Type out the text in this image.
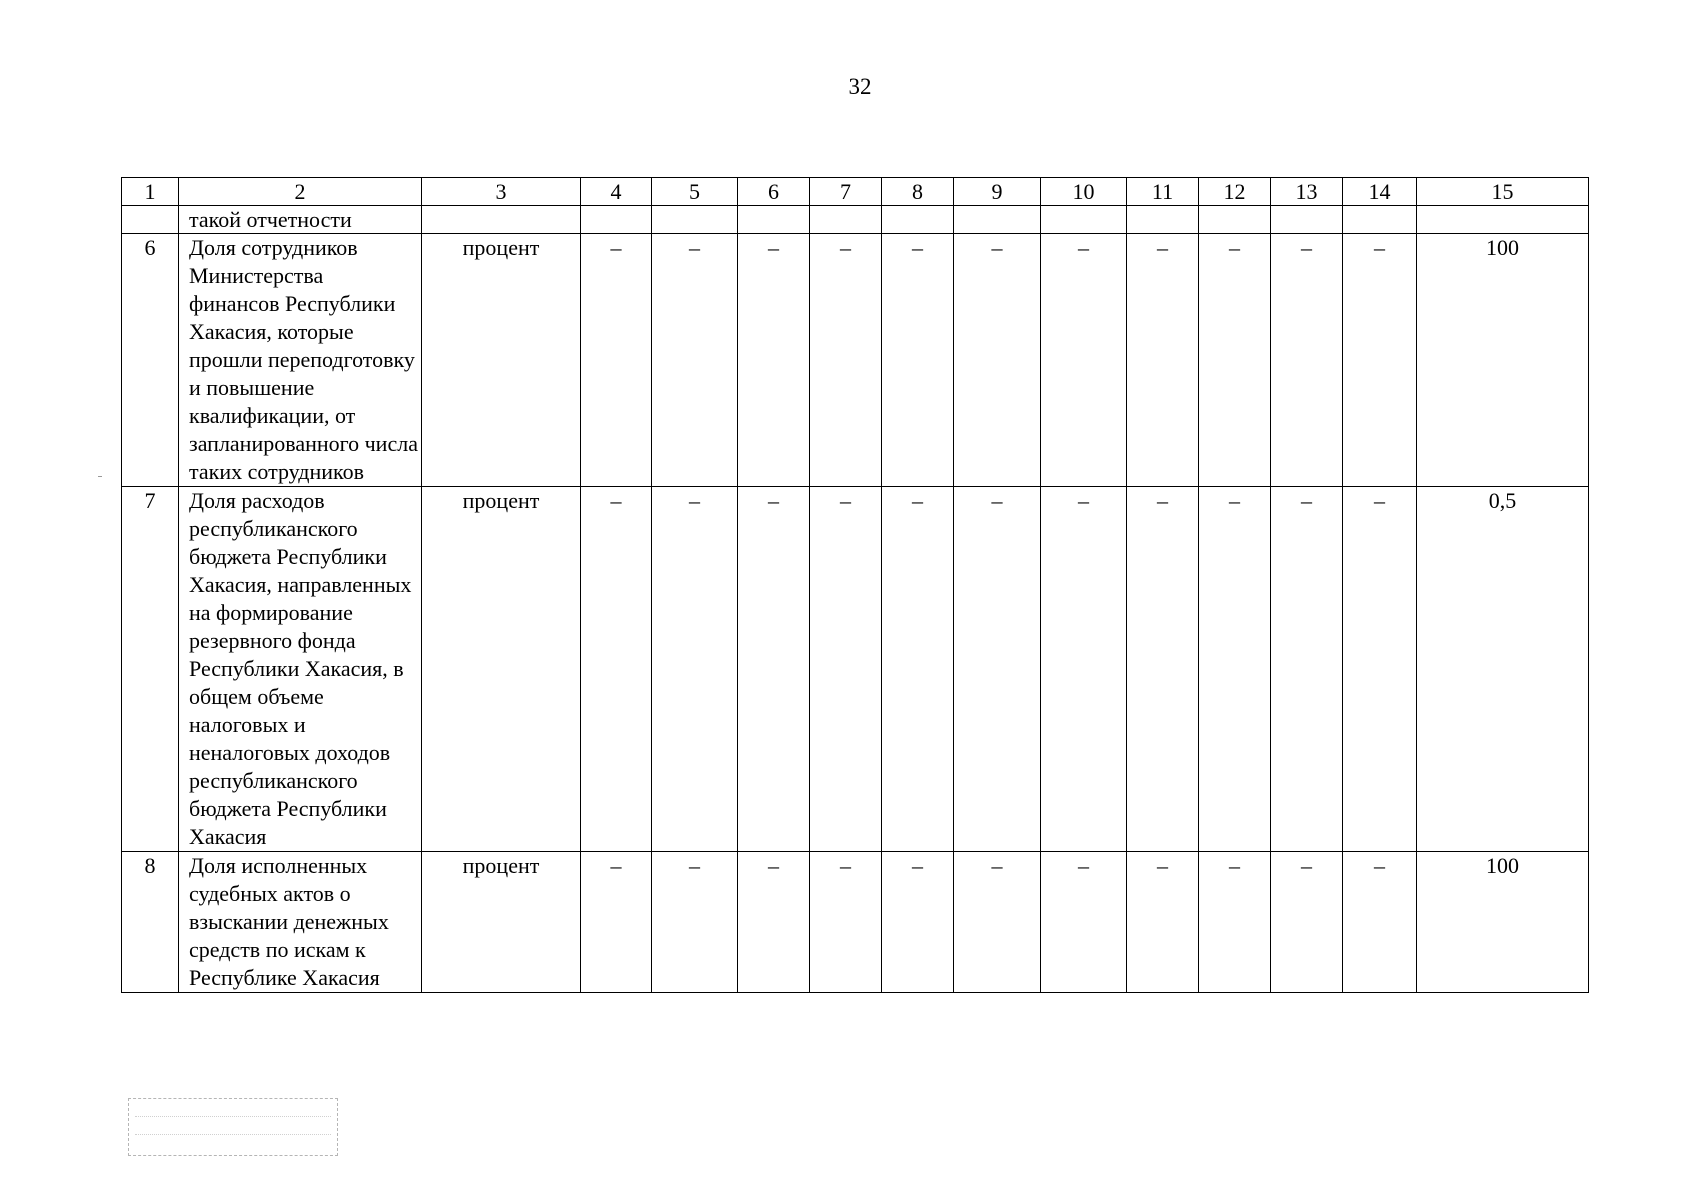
32
1	2	3	4	5	6	7	8	9	10	11	12	13	14	15
	такой отчетности													
6	Доля сотрудников Министерства финансов Республики Хакасия, которые прошли переподготовку и повышение квалификации, от запланированного числа таких сотрудников	процент	–	–	–	–	–	–	–	–	–	–	–	100
7	Доля расходов республиканского бюджета Республики Хакасия, направленных на формирование резервного фонда Республики Хакасия, в общем объеме налоговых и неналоговых доходов республиканского бюджета Республики Хакасия	процент	–	–	–	–	–	–	–	–	–	–	–	0,5
8	Доля исполненных судебных актов о взыскании денежных средств по искам к Республике Хакасия	процент	–	–	–	–	–	–	–	–	–	–	–	100
